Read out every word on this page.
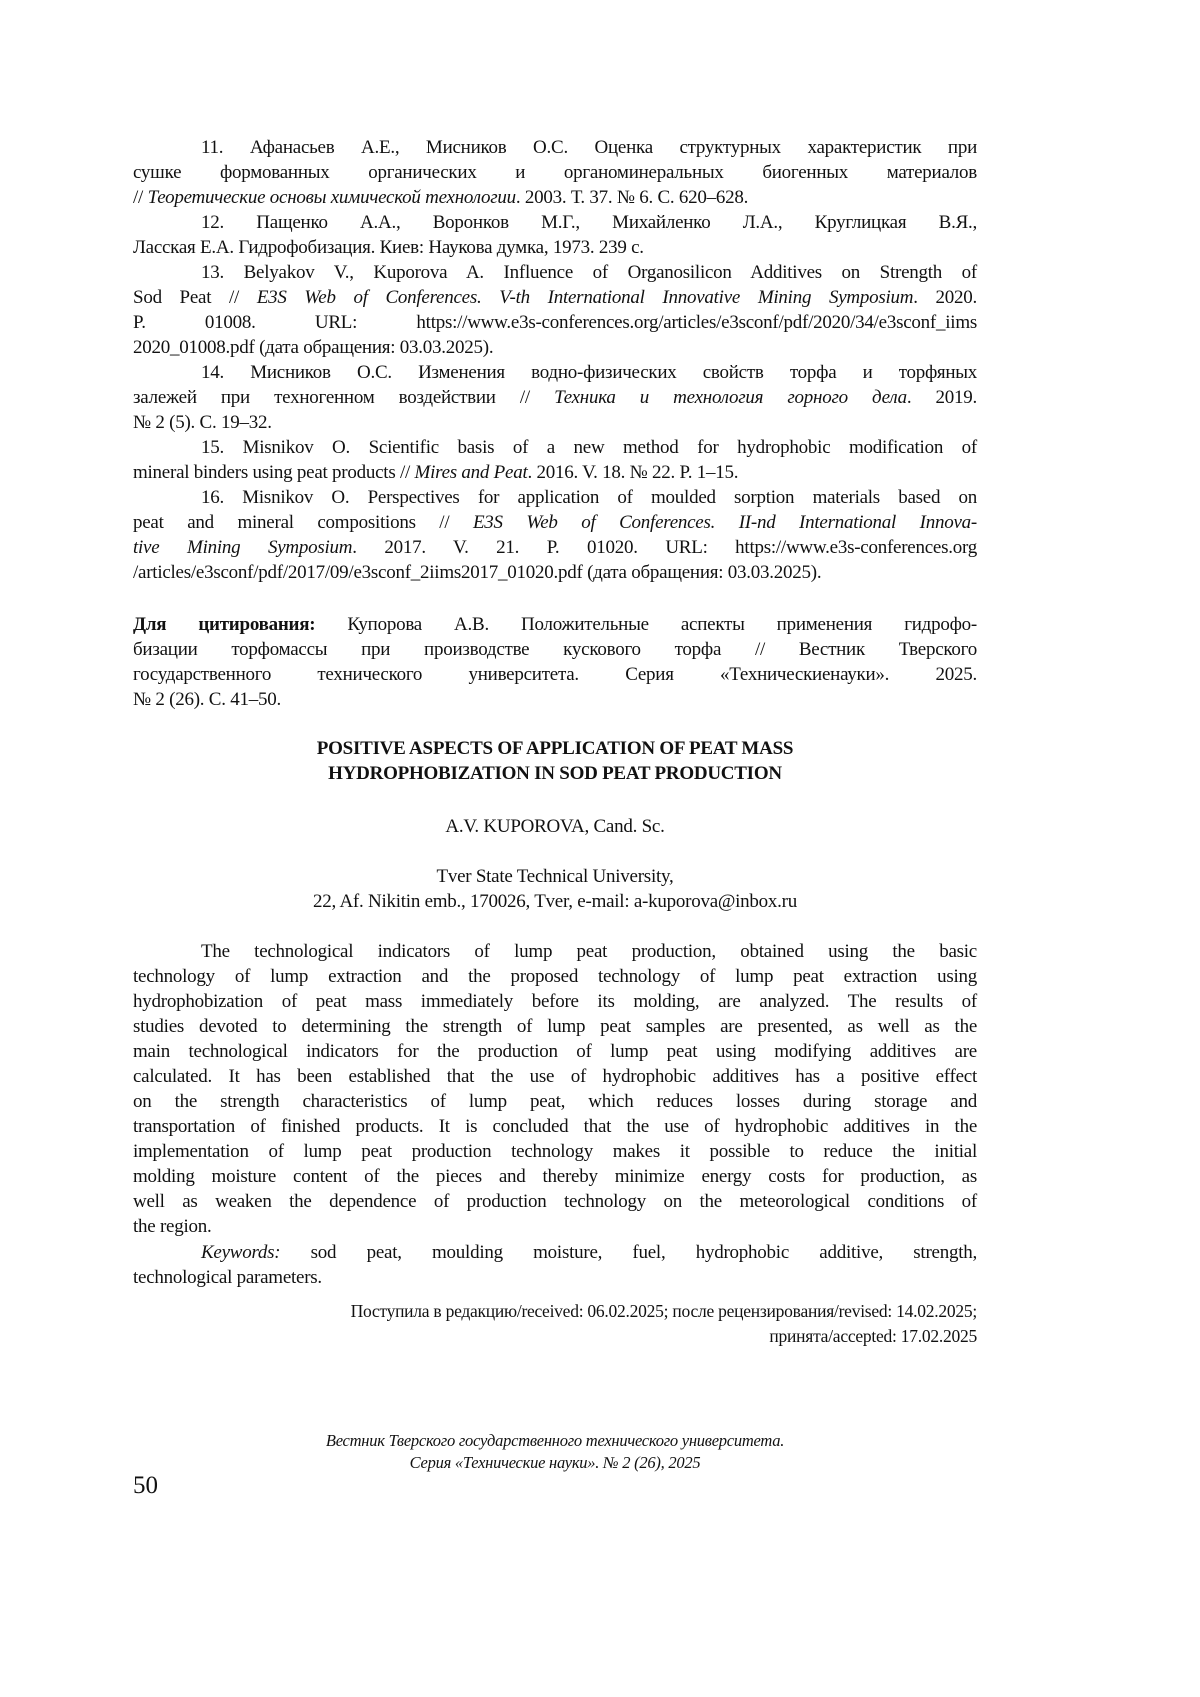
11. Афанасьев А.Е., Мисников О.С. Оценка структурных характеристик при
сушке формованных органических и органоминеральных биогенных материалов
// Теоретические основы химической технологии. 2003. Т. 37. № 6. С. 620–628.
12. Пащенко А.А., Воронков М.Г., Михайленко Л.А., Круглицкая В.Я.,
Ласская Е.А. Гидрофобизация. Киев: Наукова думка, 1973. 239 с.
13. Belyakov V., Kuporova A. Influence of Organosilicon Additives on Strength of
Sod Peat // E3S Web of Conferences. V-th International Innovative Mining Symposium. 2020.
P. 01008. URL: https://www.e3s-conferences.org/articles/e3sconf/pdf/2020/34/e3sconf_iims
2020_01008.pdf (дата обращения: 03.03.2025).
14. Мисников О.С. Изменения водно-физических свойств торфа и торфяных
залежей при техногенном воздействии // Техника и технология горного дела. 2019.
№ 2 (5). С. 19–32.
15. Misnikov O. Scientific basis of a new method for hydrophobic modification of
mineral binders using peat products // Mires and Peat. 2016. V. 18. № 22. P. 1–15.
16. Misnikov O. Perspectives for application of moulded sorption materials based on
peat and mineral compositions // E3S Web of Conferences. II-nd International Innova-
tive Mining Symposium. 2017. V. 21. P. 01020. URL: https://www.e3s-conferences.org
/articles/e3sconf/pdf/2017/09/e3sconf_2iims2017_01020.pdf (дата обращения: 03.03.2025).
Для цитирования: Купорова А.В. Положительные аспекты применения гидрофо-
бизации торфомассы при производстве кускового торфа // Вестник Тверского
государственного технического университета. Серия «Техническиенауки». 2025.
№ 2 (26). С. 41–50.
POSITIVE ASPECTS OF APPLICATION OF PEAT MASS
HYDROPHOBIZATION IN SOD PEAT PRODUCTION
A.V. KUPOROVA, Cand. Sc.
Tver State Technical University,
22, Af. Nikitin emb., 170026, Tver, e-mail: a-kuporova@inbox.ru
The technological indicators of lump peat production, obtained using the basic
technology of lump extraction and the proposed technology of lump peat extraction using
hydrophobization of peat mass immediately before its molding, are analyzed. The results of
studies devoted to determining the strength of lump peat samples are presented, as well as the
main technological indicators for the production of lump peat using modifying additives are
calculated. It has been established that the use of hydrophobic additives has a positive effect
on the strength characteristics of lump peat, which reduces losses during storage and
transportation of finished products. It is concluded that the use of hydrophobic additives in the
implementation of lump peat production technology makes it possible to reduce the initial
molding moisture content of the pieces and thereby minimize energy costs for production, as
well as weaken the dependence of production technology on the meteorological conditions of
the region.
Keywords: sod peat, moulding moisture, fuel, hydrophobic additive, strength,
technological parameters.
Поступила в редакцию/received: 06.02.2025; после рецензирования/revised: 14.02.2025;
принята/accepted: 17.02.2025
Вестник Тверского государственного технического университета.
Серия «Технические науки». № 2 (26), 2025
50
